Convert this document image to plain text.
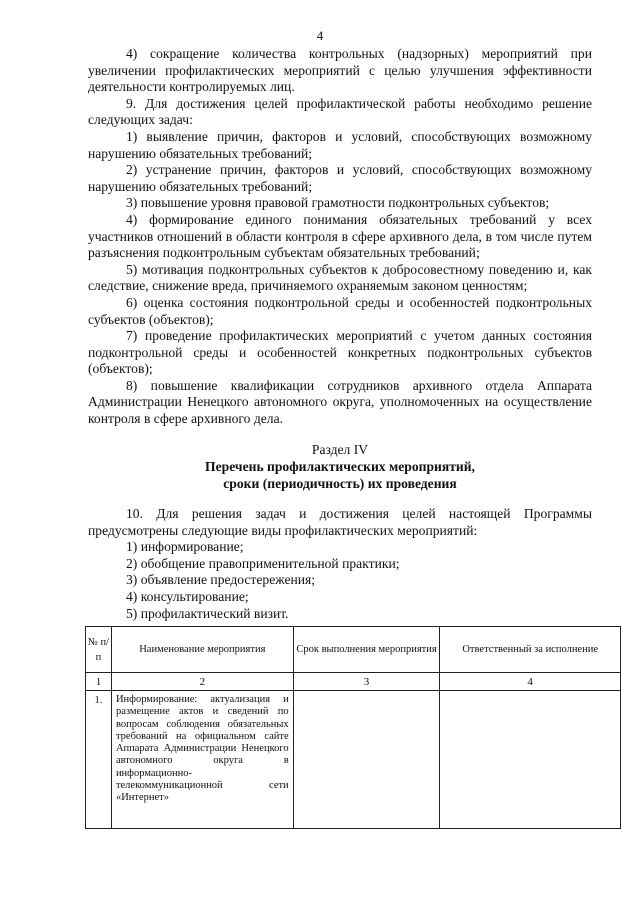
4

4) сокращение количества контрольных (надзорных) мероприятий при увеличении профилактических мероприятий с целью улучшения эффективности деятельности контролируемых лиц.

9. Для достижения целей профилактической работы необходимо решение следующих задач:

1) выявление причин, факторов и условий, способствующих возможному нарушению обязательных требований;

2) устранение причин, факторов и условий, способствующих возможному нарушению обязательных требований;

3) повышение уровня правовой грамотности подконтрольных субъектов;

4) формирование единого понимания обязательных требований у всех участников отношений в области контроля в сфере архивного дела, в том числе путем разъяснения подконтрольным субъектам обязательных требований;

5) мотивация подконтрольных субъектов к добросовестному поведению и, как следствие, снижение вреда, причиняемого охраняемым законом ценностям;

6) оценка состояния подконтрольной среды и особенностей подконтрольных субъектов (объектов);

7) проведение профилактических мероприятий с учетом данных состояния подконтрольной среды и особенностей конкретных подконтрольных субъектов (объектов);

8) повышение квалификации сотрудников архивного отдела Аппарата Администрации Ненецкого автономного округа, уполномоченных на осуществление контроля в сфере архивного дела.

Раздел IV
Перечень профилактических мероприятий,
сроки (периодичность) их проведения

10. Для решения задач и достижения целей настоящей Программы предусмотрены следующие виды профилактических мероприятий:

1) информирование;

2) обобщение правоприменительной практики;

3) объявление предостережения;

4) консультирование;

5) профилактический визит.

№ п/п	Наименование мероприятия	Срок выполнения мероприятия	Ответственный за исполнение
1	2	3	4
1.	Информирование: актуализация и размещение актов и сведений по вопросам соблюдения обязательных требований на официальном сайте Аппарата Администрации Ненецкого автономного округа в информационно-телекоммуникационной сети «Интернет»		
